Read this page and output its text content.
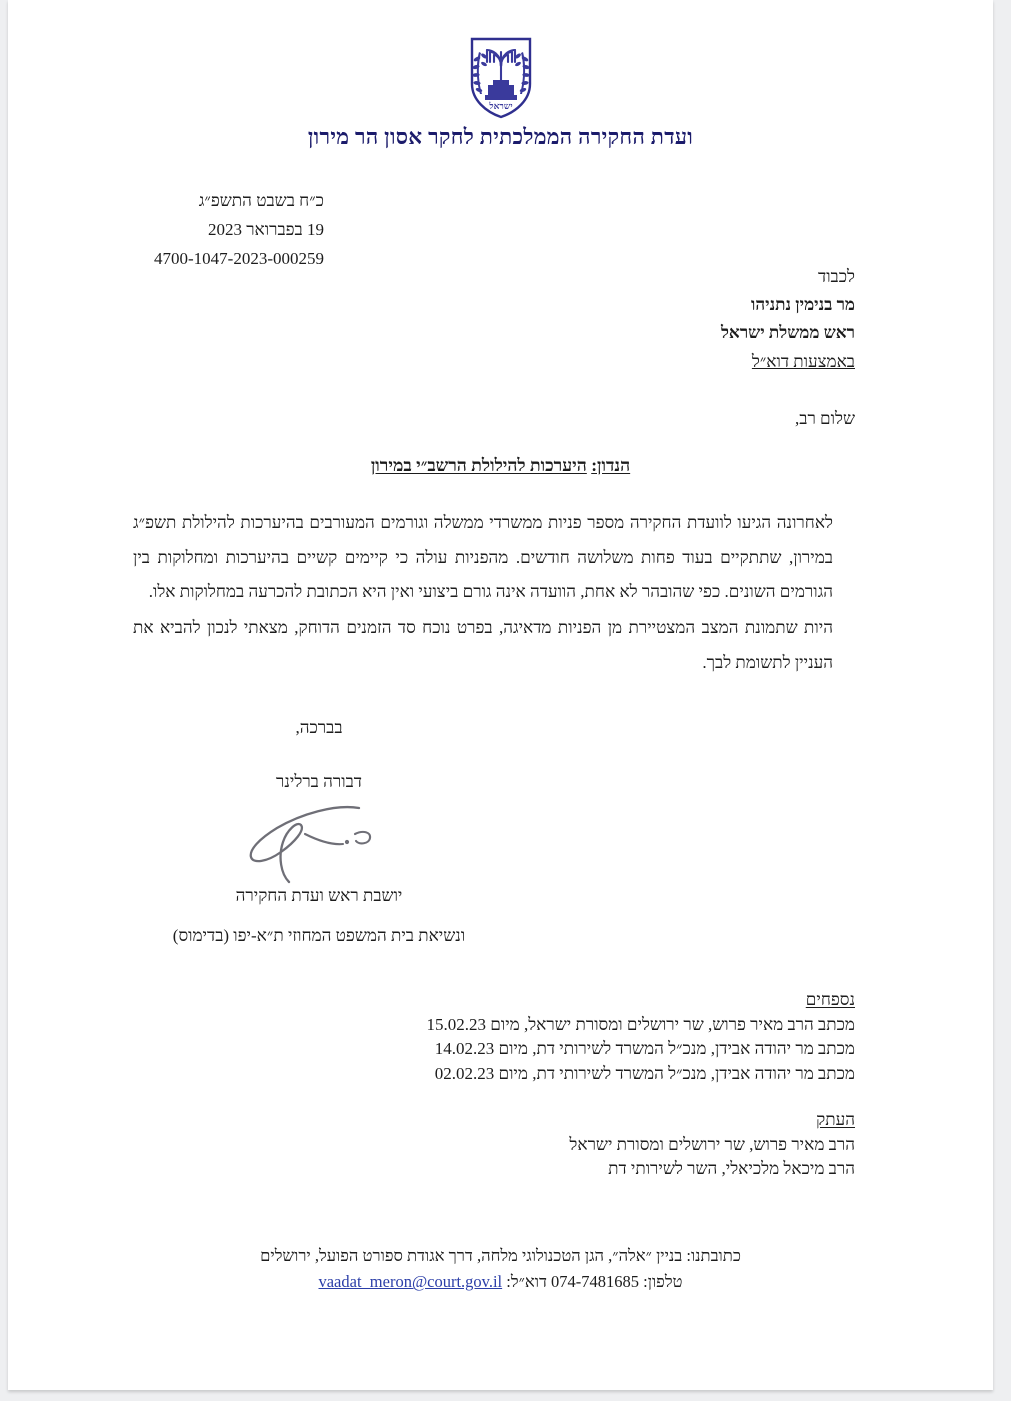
ישראל
ועדת החקירה הממלכתית לחקר אסון הר מירון
כ״ח בשבט התשפ״ג
19 בפברואר 2023
4700-1047-2023-000259
לכבוד
מר בנימין נתניהו
ראש ממשלת ישראל
באמצעות דוא״ל
שלום רב,
הנדון: היערכות להילולת הרשב״י במירון
לאחרונה הגיעו לוועדת החקירה מספר פניות ממשרדי ממשלה וגורמים המעורבים בהיערכות להילולת תשפ״ג במירון, שתתקיים בעוד פחות משלושה חודשים. מהפניות עולה כי קיימים קשיים בהיערכות ומחלוקות בין הגורמים השונים. כפי שהובהר לא אחת, הוועדה אינה גורם ביצועי ואין היא הכתובת להכרעה במחלוקות אלו.
היות שתמונת המצב המצטיירת מן הפניות מדאיגה, בפרט נוכח סד הזמנים הדוחק, מצאתי לנכון להביא את העניין לתשומת לבך.

בברכה,

דבורה ברלינר

יושבת ראש ועדת החקירה

ונשיאת בית המשפט המחוזי ת״א-יפו (בדימוס)

נספחים
מכתב הרב מאיר פרוש, שר ירושלים ומסורת ישראל, מיום 15.02.23
מכתב מר יהודה אבידן, מנכ״ל המשרד לשירותי דת, מיום 14.02.23
מכתב מר יהודה אבידן, מנכ״ל המשרד לשירותי דת, מיום 02.02.23
העתק
הרב מאיר פרוש, שר ירושלים ומסורת ישראל
הרב מיכאל מלכיאלי, השר לשירותי דת
כתובתנו: בניין ״אלה״, הגן הטכנולוגי מלחה, דרך אגודת ספורט הפועל, ירושלים
טלפון: 074-7481685 דוא״ל: vaadat_meron@court.gov.il
